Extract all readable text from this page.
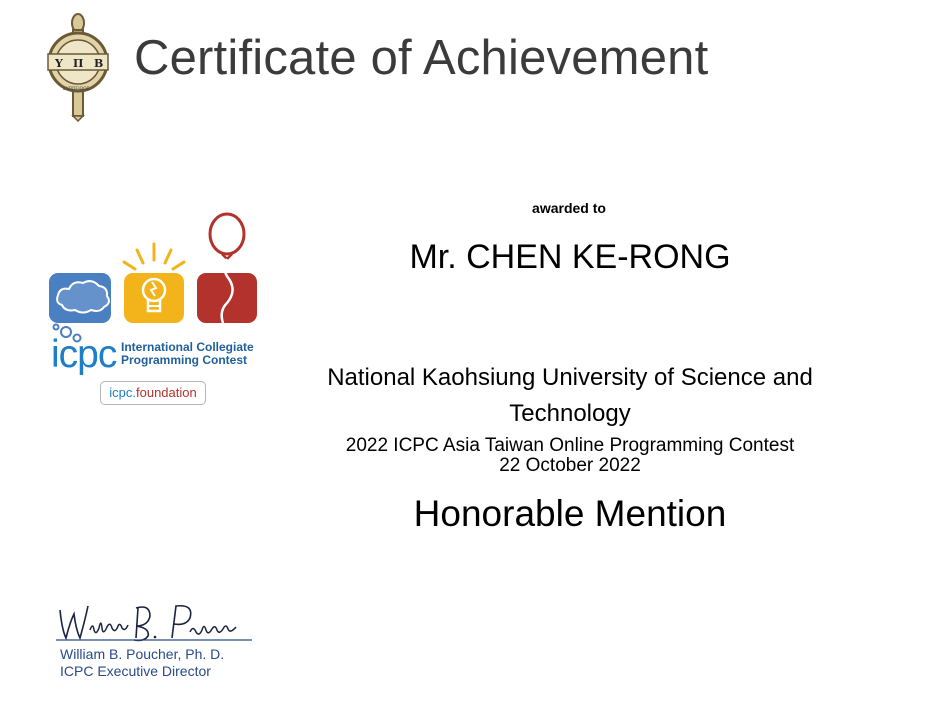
Υ Π Β
ΕΥΠΠΕΙΘΟΣ
Certificate of Achievement
awarded to
Mr. CHEN KE-RONG
National Kaohsiung University of Science and Technology
2022 ICPC Asia Taiwan Online Programming Contest
22 October 2022
Honorable Mention
icpc International Collegiate
Programming Contest
icpc.foundation
William B. Poucher, Ph. D.
ICPC Executive Director
